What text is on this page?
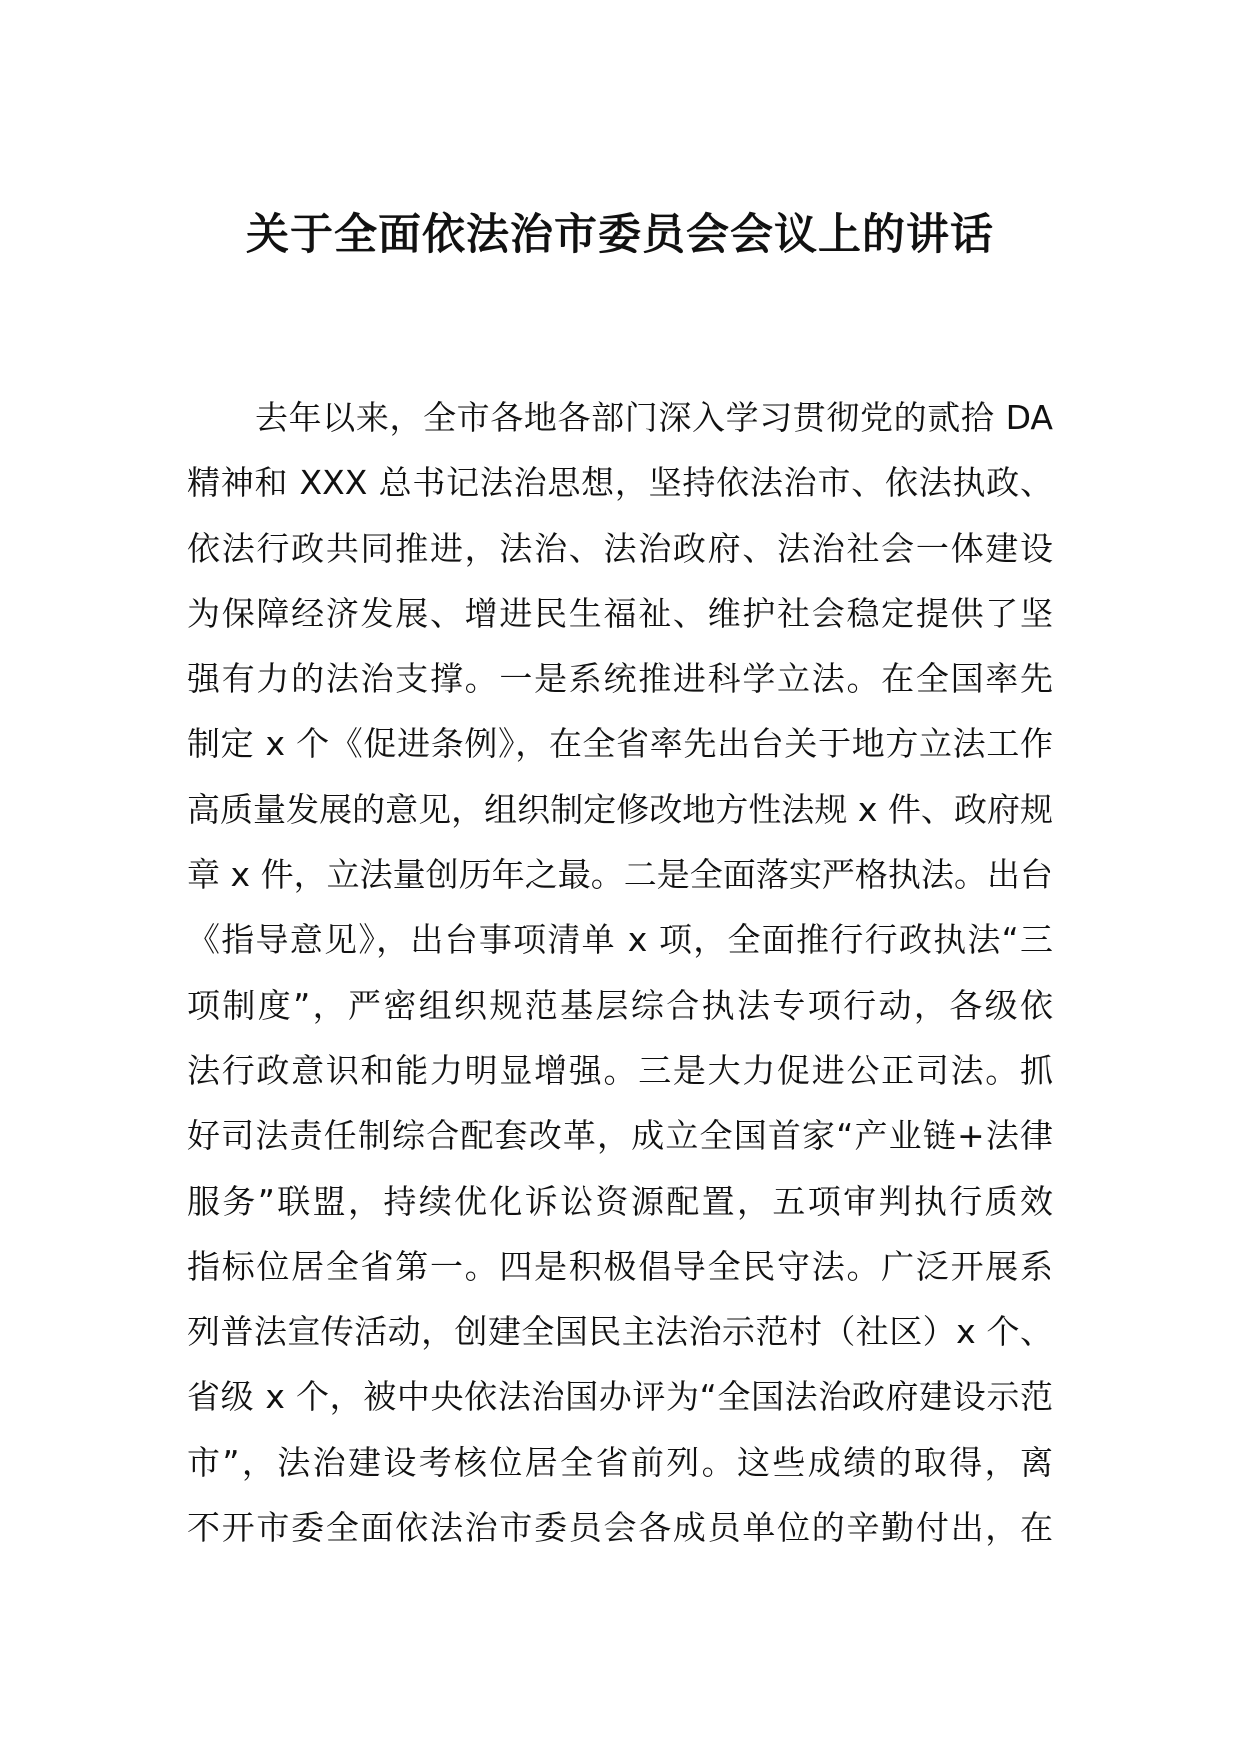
关于全面依法治市委员会会议上的讲话
去年以来，全市各地各部门深入学习贯彻党的贰拾 DA
精神和 XXX 总书记法治思想，坚持依法治市、依法执政、
依法行政共同推进，法治、法治政府、法治社会一体建设
为保障经济发展、增进民生福祉、维护社会稳定提供了坚
强有力的法治支撑。一是系统推进科学立法。在全国率先
制定 x 个《促进条例》，在全省率先出台关于地方立法工作
高质量发展的意见，组织制定修改地方性法规 x 件、政府规
章 x 件，立法量创历年之最。二是全面落实严格执法。出台
《指导意见》，出台事项清单 x 项，全面推行行政执法“三
项制度”，严密组织规范基层综合执法专项行动，各级依
法行政意识和能力明显增强。三是大力促进公正司法。抓
好司法责任制综合配套改革，成立全国首家“产业链+法律
服务”联盟，持续优化诉讼资源配置，五项审判执行质效
指标位居全省第一。四是积极倡导全民守法。广泛开展系
列普法宣传活动，创建全国民主法治示范村（社区）x 个、
省级 x 个，被中央依法治国办评为“全国法治政府建设示范
市”，法治建设考核位居全省前列。这些成绩的取得，离
不开市委全面依法治市委员会各成员单位的辛勤付出，在
